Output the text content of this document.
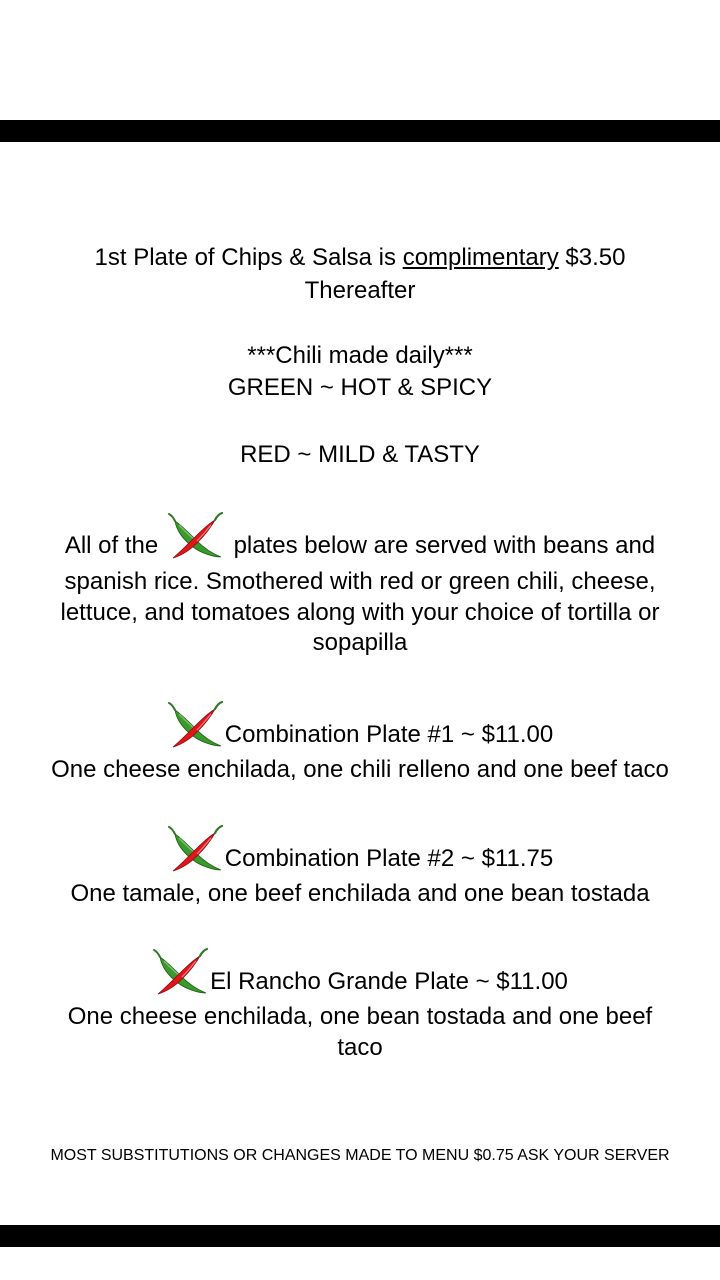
1st Plate of Chips & Salsa is complimentary $3.50
Thereafter
***Chili made daily***
GREEN ~ HOT & SPICY
RED ~ MILD & TASTY
All of the	plates below are served with beans and
spanish rice. Smothered with red or green chili, cheese,
lettuce, and tomatoes along with your choice of tortilla or
sopapilla
Combination Plate #1 ~ $11.00
One cheese enchilada, one chili relleno and one beef taco
Combination Plate #2 ~ $11.75
One tamale, one beef enchilada and one bean tostada
El Rancho Grande Plate ~ $11.00
One cheese enchilada, one bean tostada and one beef
taco
MOST SUBSTITUTIONS OR CHANGES MADE TO MENU $0.75 ASK YOUR SERVER
